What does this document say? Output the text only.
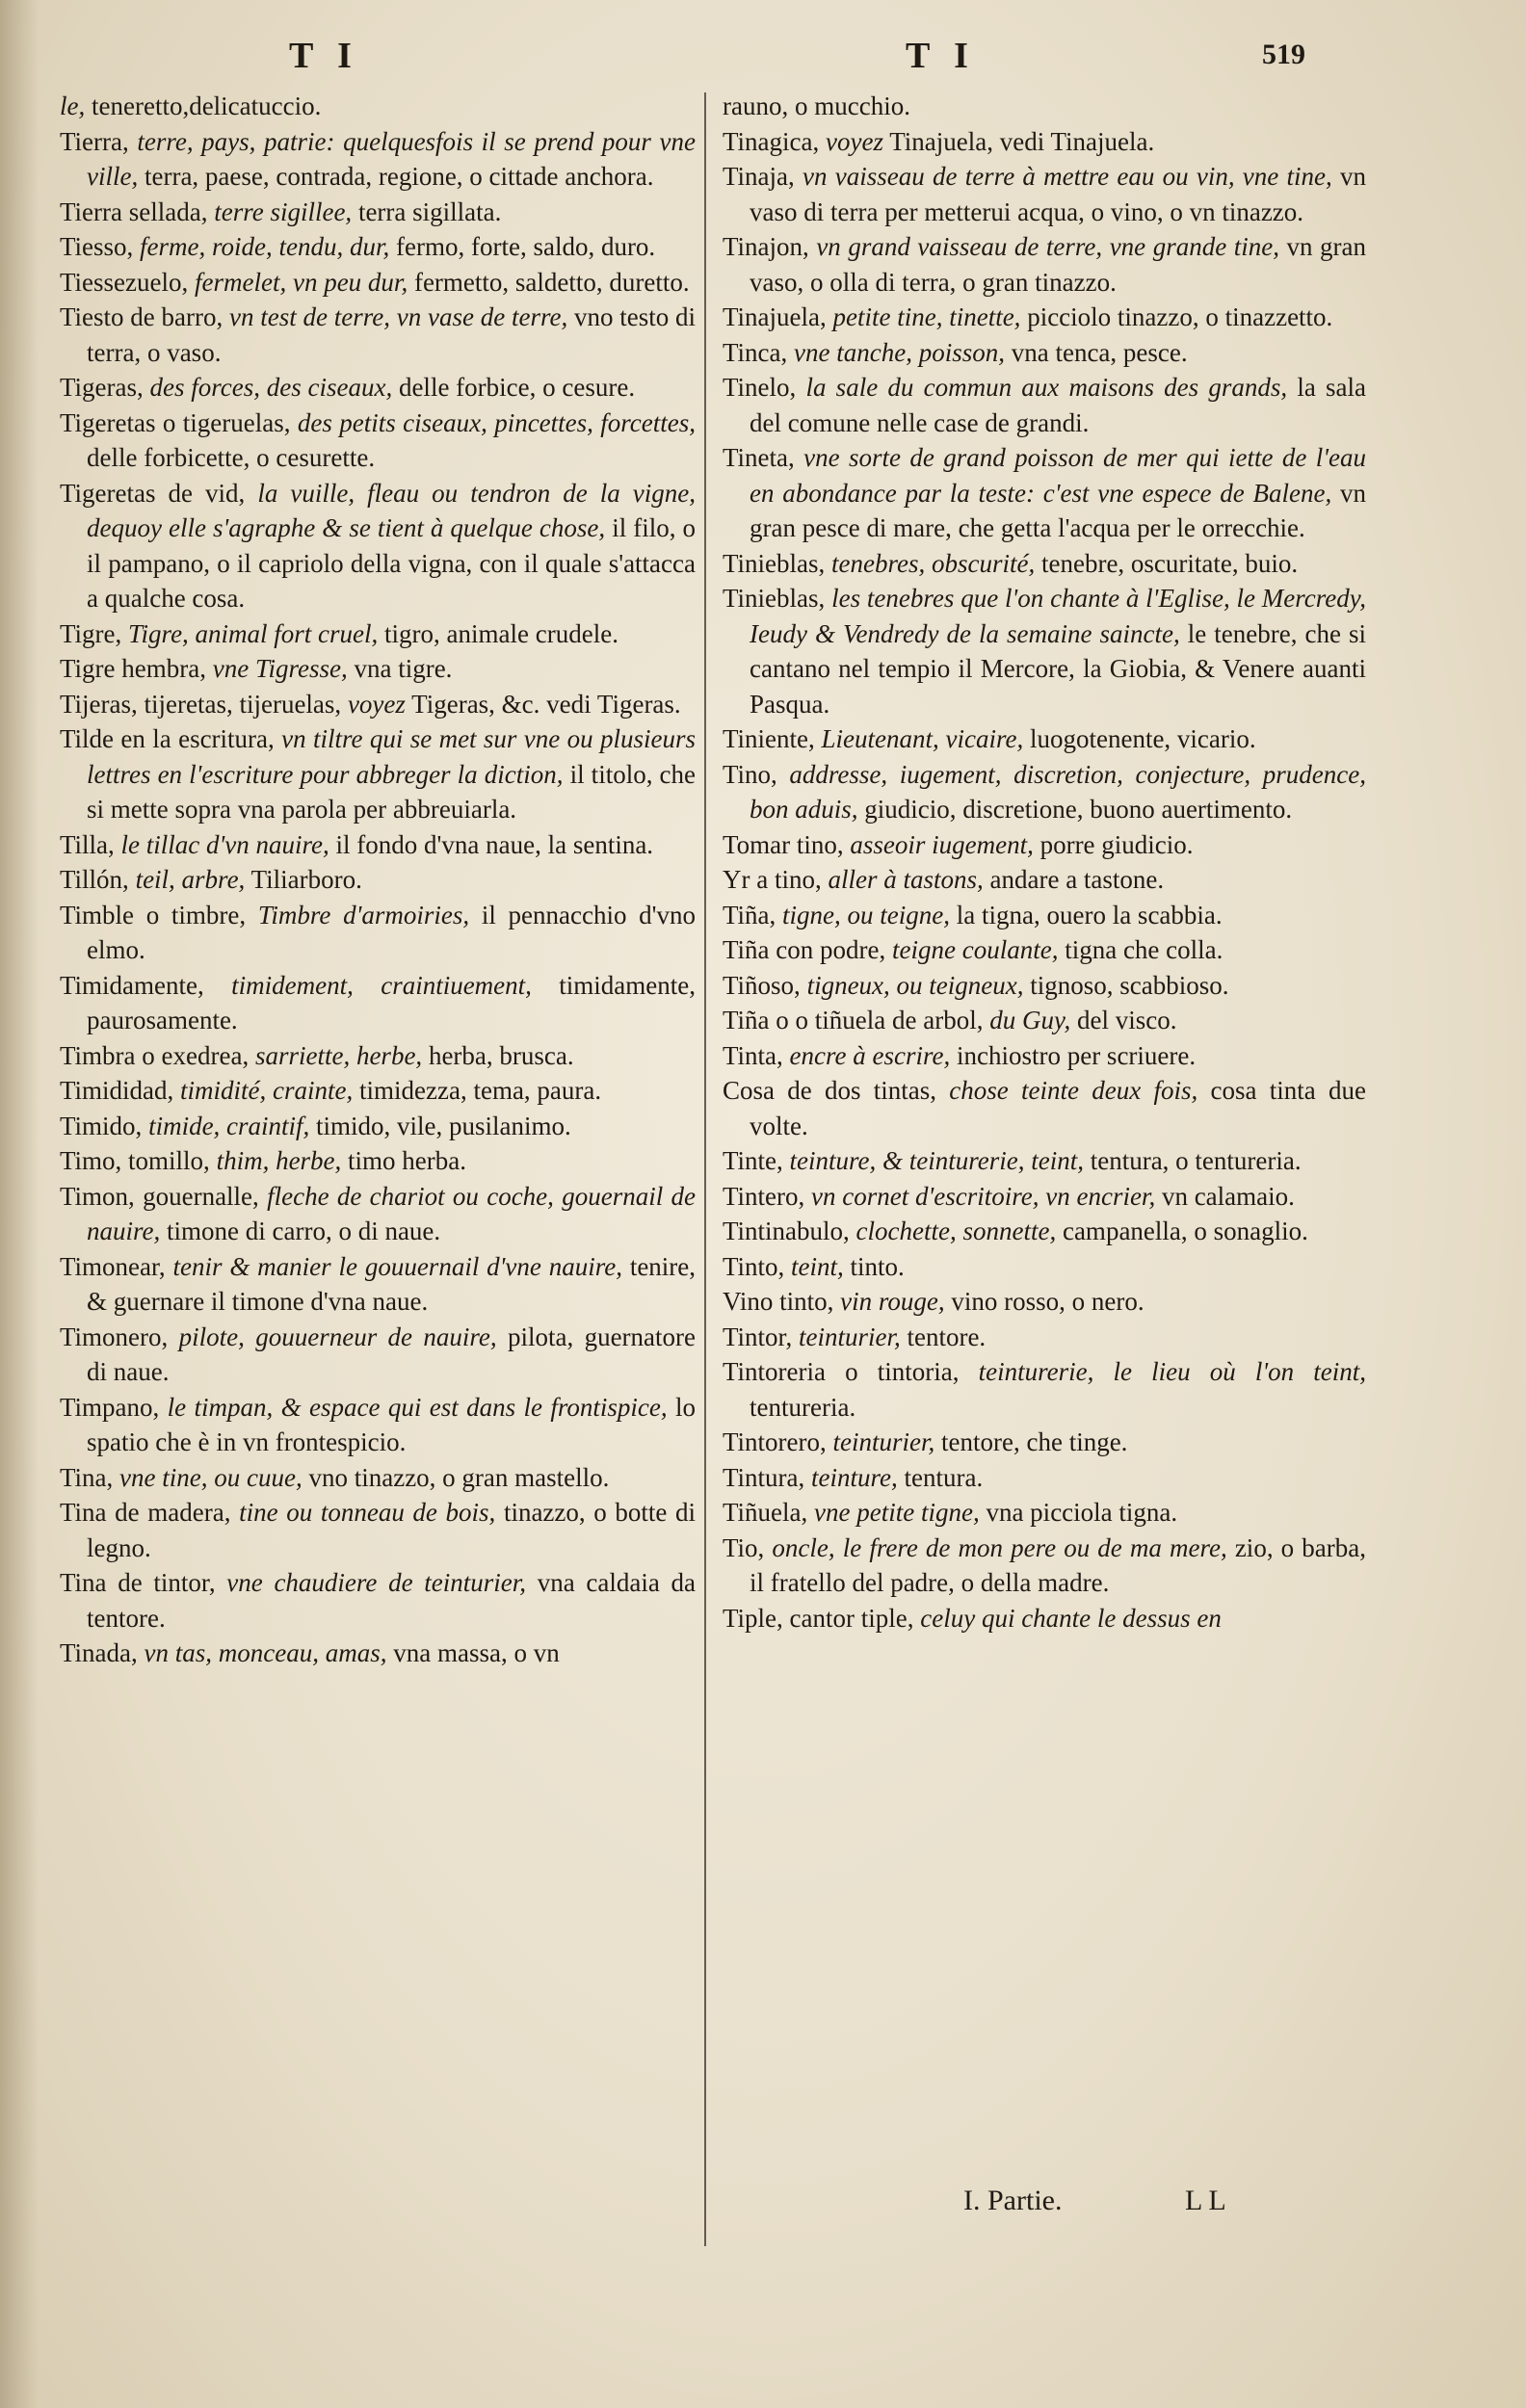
T I	T I	519

le, teneretto,delicatuccio.

Tierra, terre, pays, patrie: quelquesfois il se prend pour vne ville, terra, paese, contrada, regione, o cittade anchora.

Tierra sellada, terre sigillee, terra sigillata.

Tiesso, ferme, roide, tendu, dur, fermo, forte, saldo, duro.

Tiessezuelo, fermelet, vn peu dur, fermetto, saldetto, duretto.

Tiesto de barro, vn test de terre, vn vase de terre, vno testo di terra, o vaso.

Tigeras, des forces, des ciseaux, delle forbice, o cesure.

Tigeretas o tigeruelas, des petits ciseaux, pincettes, forcettes, delle forbicette, o cesurette.

Tigeretas de vid, la vuille, fleau ou tendron de la vigne, dequoy elle s'agraphe & se tient à quelque chose, il filo, o il pampano, o il capriolo della vigna, con il quale s'attacca a qualche cosa.

Tigre, Tigre, animal fort cruel, tigro, animale crudele.

Tigre hembra, vne Tigresse, vna tigre.

Tijeras, tijeretas, tijeruelas, voyez Tigeras, &c. vedi Tigeras.

Tilde en la escritura, vn tiltre qui se met sur vne ou plusieurs lettres en l'escriture pour abbreger la diction, il titolo, che si mette sopra vna parola per abbreuiarla.

Tilla, le tillac d'vn nauire, il fondo d'vna naue, la sentina.

Tillón, teil, arbre, Tiliarboro.

Timble o timbre, Timbre d'armoiries, il pennacchio d'vno elmo.

Timidamente, timidement, craintiuement, timidamente, paurosamente.

Timbra o exedrea, sarriette, herbe, herba, brusca.

Timididad, timidité, crainte, timidezza, tema, paura.

Timido, timide, craintif, timido, vile, pusilanimo.

Timo, tomillo, thim, herbe, timo herba.

Timon, gouernalle, fleche de chariot ou coche, gouernail de nauire, timone di carro, o di naue.

Timonear, tenir & manier le gouuernail d'vne nauire, tenire, & guernare il timone d'vna naue.

Timonero, pilote, gouuerneur de nauire, pilota, guernatore di naue.

Timpano, le timpan, & espace qui est dans le frontispice, lo spatio che è in vn frontespicio.

Tina, vne tine, ou cuue, vno tinazzo, o gran mastello.

Tina de madera, tine ou tonneau de bois, tinazzo, o botte di legno.

Tina de tintor, vne chaudiere de teinturier, vna caldaia da tentore.

Tinada, vn tas, monceau, amas, vna massa, o vn

rauno, o mucchio.

Tinagica, voyez Tinajuela, vedi Tinajuela.

Tinaja, vn vaisseau de terre à mettre eau ou vin, vne tine, vn vaso di terra per metterui acqua, o vino, o vn tinazzo.

Tinajon, vn grand vaisseau de terre, vne grande tine, vn gran vaso, o olla di terra, o gran tinazzo.

Tinajuela, petite tine, tinette, picciolo tinazzo, o tinazzetto.

Tinca, vne tanche, poisson, vna tenca, pesce.

Tinelo, la sale du commun aux maisons des grands, la sala del comune nelle case de grandi.

Tineta, vne sorte de grand poisson de mer qui iette de l'eau en abondance par la teste: c'est vne espece de Balene, vn gran pesce di mare, che getta l'acqua per le orrecchie.

Tinieblas, tenebres, obscurité, tenebre, oscuritate, buio.

Tinieblas, les tenebres que l'on chante à l'Eglise, le Mercredy, Ieudy & Vendredy de la semaine saincte, le tenebre, che si cantano nel tempio il Mercore, la Giobia, & Venere auanti Pasqua.

Tiniente, Lieutenant, vicaire, luogotenente, vicario.

Tino, addresse, iugement, discretion, conjecture, prudence, bon aduis, giudicio, discretione, buono auertimento.

Tomar tino, asseoir iugement, porre giudicio.

Yr a tino, aller à tastons, andare a tastone.

Tiña, tigne, ou teigne, la tigna, ouero la scabbia.

Tiña con podre, teigne coulante, tigna che colla.

Tiñoso, tigneux, ou teigneux, tignoso, scabbioso.

Tiña o o tiñuela de arbol, du Guy, del visco.

Tinta, encre à escrire, inchiostro per scriuere.

Cosa de dos tintas, chose teinte deux fois, cosa tinta due volte.

Tinte, teinture, & teinturerie, teint, tentura, o tentureria.

Tintero, vn cornet d'escritoire, vn encrier, vn calamaio.

Tintinabulo, clochette, sonnette, campanella, o sonaglio.

Tinto, teint, tinto.

Vino tinto, vin rouge, vino rosso, o nero.

Tintor, teinturier, tentore.

Tintoreria o tintoria, teinturerie, le lieu où l'on teint, tentureria.

Tintorero, teinturier, tentore, che tinge.

Tintura, teinture, tentura.

Tiñuela, vne petite tigne, vna picciola tigna.

Tio, oncle, le frere de mon pere ou de ma mere, zio, o barba, il fratello del padre, o della madre.

Tiple, cantor tiple, celuy qui chante le dessus en

I. Partie.	LL
